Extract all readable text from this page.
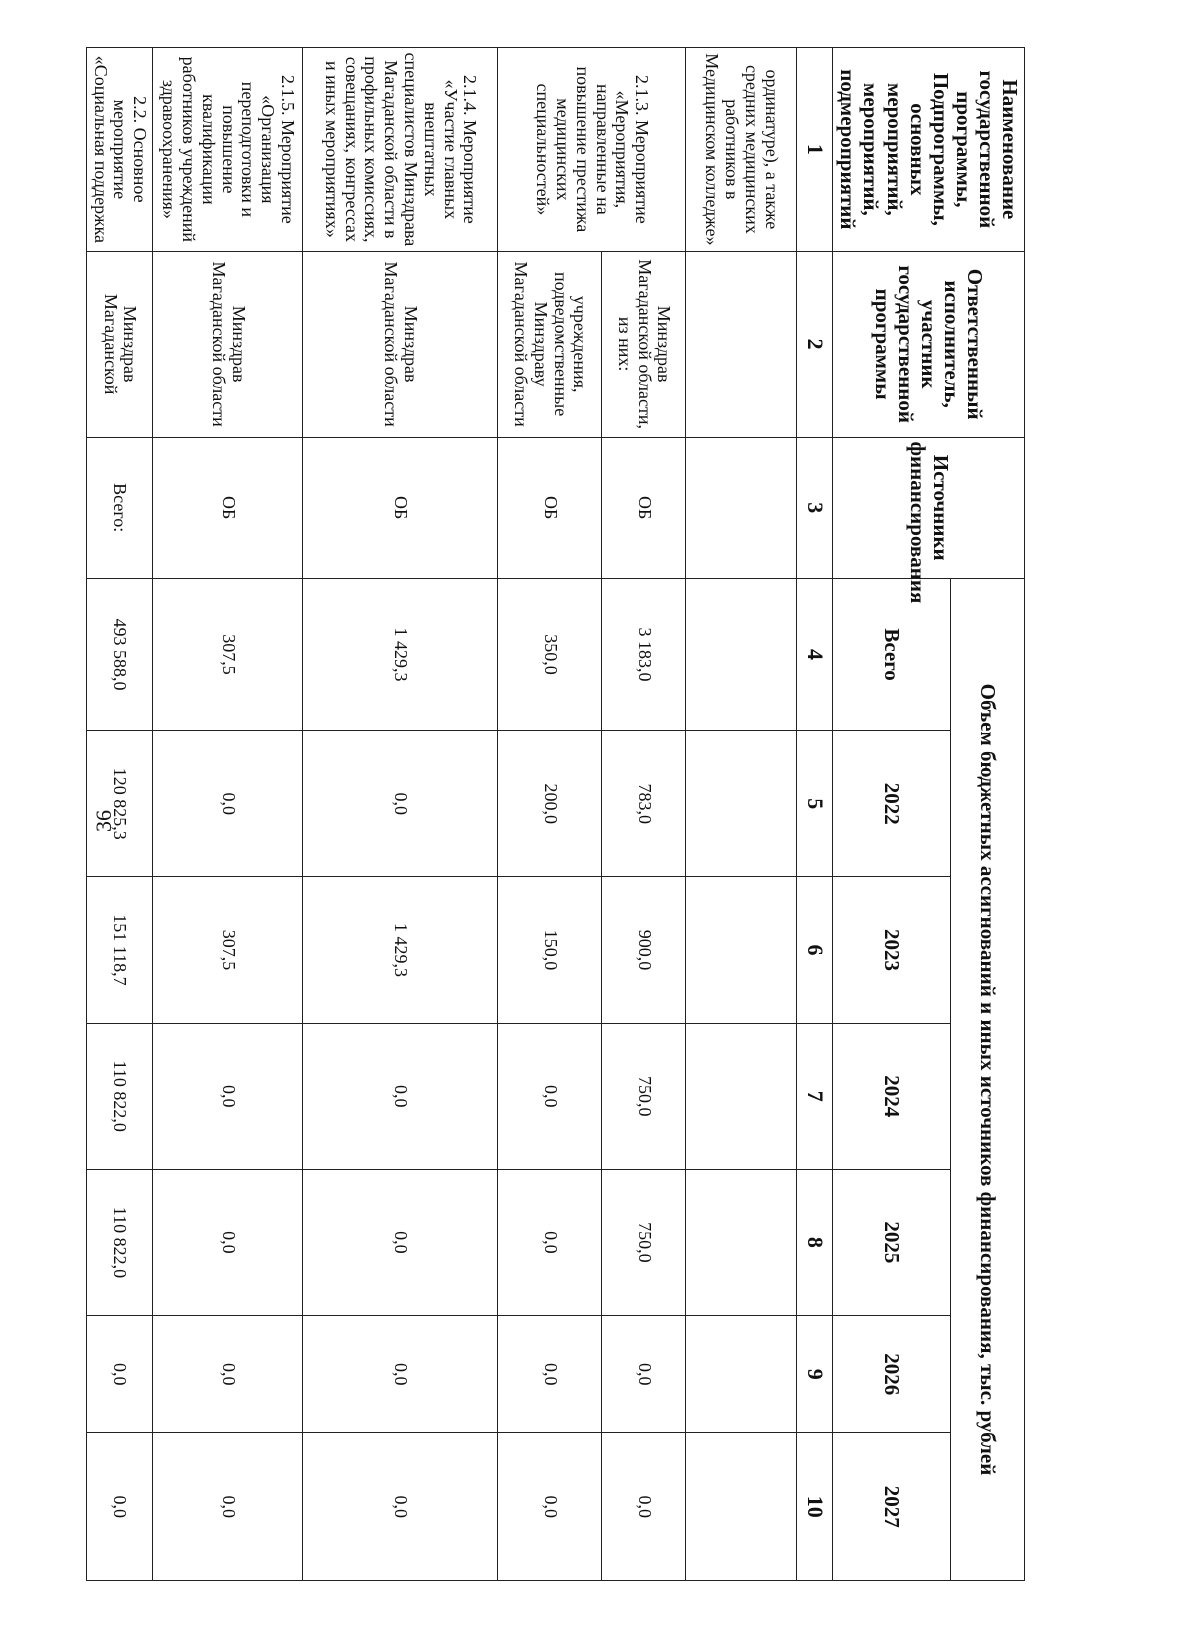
36
Наименование государственной программы, Подпрограммы, основных мероприятий, мероприятий, подмероприятий	Ответственный исполнитель, участник государственной программы	Источники финансирования	Объем бюджетных ассигнований и иных источников финансирования, тыс. рублей						
			Всего	2022	2023	2024	2025	2026	2027
1	2	3	4	5	6	7	8	9	10
ординатуре), а также средних медицинских работников в Медицинском колледже»									
2.1.3. Мероприятие «Мероприятия, направленные на повышение престижа медицинских специальностей»	Минздрав Магаданской области, из них:	ОБ	3 183,0	783,0	900,0	750,0	750,0	0,0	0,0
	учреждения, подведомственные Минздраву Магаданской области	ОБ	350,0	200,0	150,0	0,0	0,0	0,0	0,0
2.1.4. Мероприятие «Участие главных внештатных специалистов Минздрава Магаданской области в профильных комиссиях, совещаниях, конгрессах и иных мероприятиях»	Минздрав Магаданской области	ОБ	1 429,3	0,0	1 429,3	0,0	0,0	0,0	0,0
2.1.5. Мероприятие «Организация переподготовки и повышение квалификации работников учреждений здравоохранения»	Минздрав Магаданской области	ОБ	307,5	0,0	307,5	0,0	0,0	0,0	0,0
2.2. Основное мероприятие «Социальная поддержка	Минздрав Магаданской	Всего:	493 588,0	120 825,3	151 118,7	110 822,0	110 822,0	0,0	0,0
